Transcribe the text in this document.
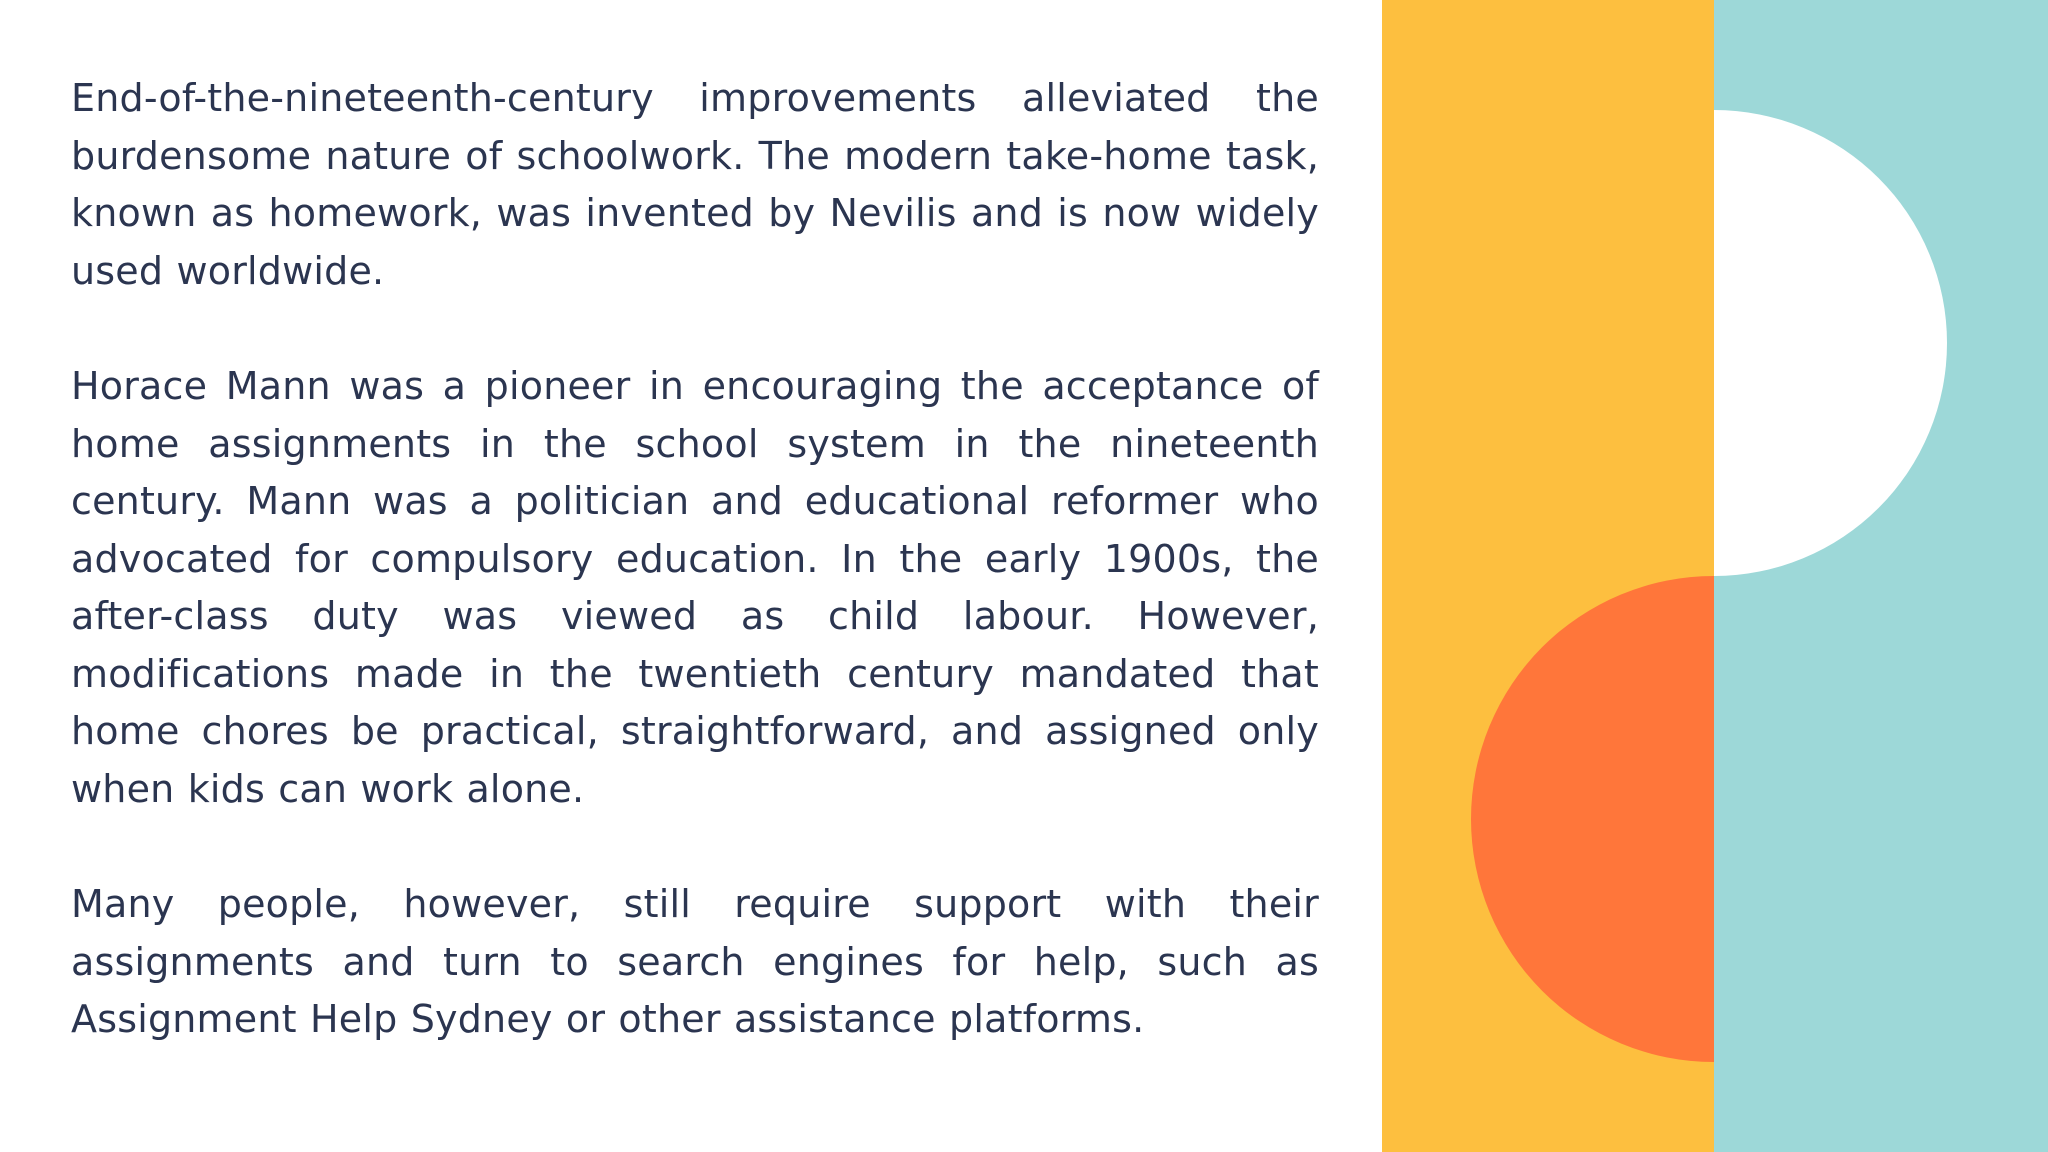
End-of-the-nineteenth-century improvements alleviated the burdensome nature of schoolwork. The modern take-home task, known as homework, was invented by Nevilis and is now widely used worldwide.

Horace Mann was a pioneer in encouraging the acceptance of home assignments in the school system in the nineteenth century. Mann was a politician and educational reformer who advocated for compulsory education. In the early 1900s, the after-class duty was viewed as child labour. However, modifications made in the twentieth century mandated that home chores be practical, straightforward, and assigned only when kids can work alone.

Many people, however, still require support with their assignments and turn to search engines for help, such as Assignment Help Sydney or other assistance platforms.
